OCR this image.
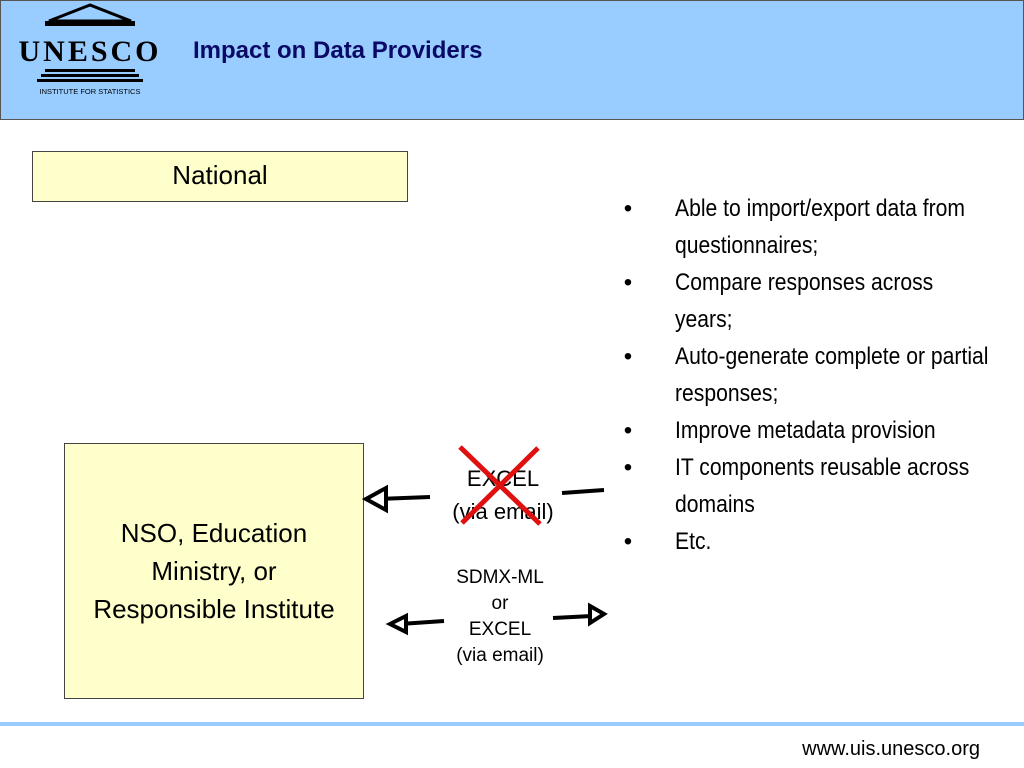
UNESCO
INSTITUTE FOR STATISTICS
Impact on Data Providers
National
NSO, Education Ministry, or Responsible Institute
EXCEL
(via email)
SDMX-ML
or
EXCEL
(via email)
• Able to import/export data from questionnaires;
• Compare responses across years;
• Auto-generate complete or partial responses;
• Improve metadata provision
• IT components reusable across domains
• Etc.
www.uis.unesco.org
